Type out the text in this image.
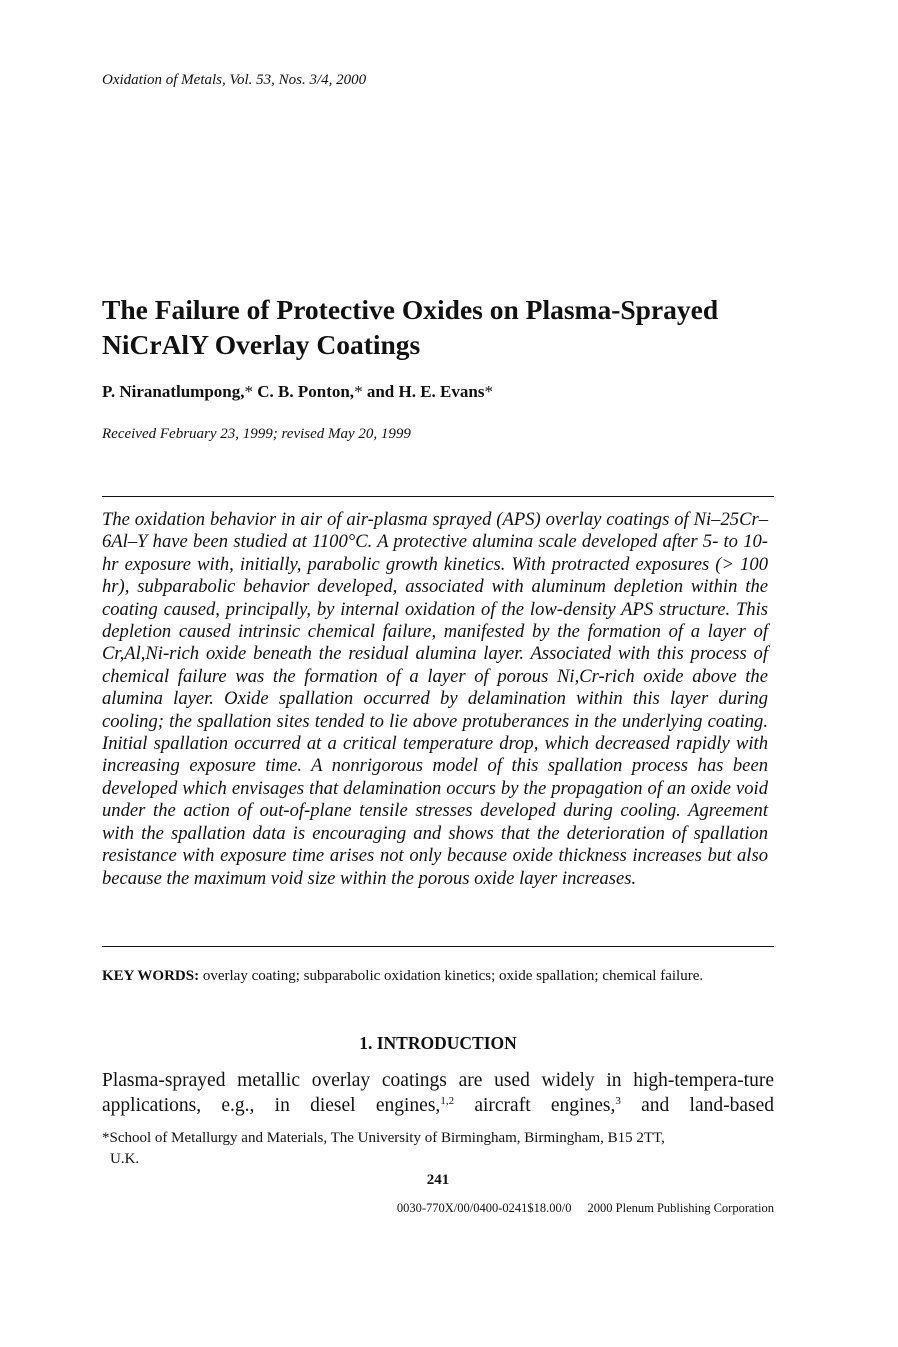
Oxidation of Metals, Vol. 53, Nos. 3/4, 2000
The Failure of Protective Oxides on Plasma-Sprayed NiCrAlY Overlay Coatings
P. Niranatlumpong,* C. B. Ponton,* and H. E. Evans*
Received February 23, 1999; revised May 20, 1999
The oxidation behavior in air of air-plasma sprayed (APS) overlay coatings of Ni–25Cr–6Al–Y have been studied at 1100°C. A protective alumina scale developed after 5- to 10-hr exposure with, initially, parabolic growth kinetics. With protracted exposures (> 100 hr), subparabolic behavior developed, associated with aluminum depletion within the coating caused, principally, by internal oxidation of the low-density APS structure. This depletion caused intrinsic chemical failure, manifested by the formation of a layer of Cr,Al,Ni-rich oxide beneath the residual alumina layer. Associated with this process of chemical failure was the formation of a layer of porous Ni,Cr-rich oxide above the alumina layer. Oxide spallation occurred by delamination within this layer during cooling; the spallation sites tended to lie above protuberances in the underlying coating. Initial spallation occurred at a critical temperature drop, which decreased rapidly with increasing exposure time. A nonrigorous model of this spallation process has been developed which envisages that delamination occurs by the propagation of an oxide void under the action of out-of-plane tensile stresses developed during cooling. Agreement with the spallation data is encouraging and shows that the deterioration of spallation resistance with exposure time arises not only because oxide thickness increases but also because the maximum void size within the porous oxide layer increases.
KEY WORDS: overlay coating; subparabolic oxidation kinetics; oxide spallation; chemical failure.
1. INTRODUCTION
Plasma-sprayed metallic overlay coatings are used widely in high-tempera-ture applications, e.g., in diesel engines,$^{1,2}$ aircraft engines,$^3$ and land-based
*School of Metallurgy and Materials, The University of Birmingham, Birmingham, B15 2TT,
U.K.
241
0030-770X/00/0400-0241$18.00/0 2000 Plenum Publishing Corporation
